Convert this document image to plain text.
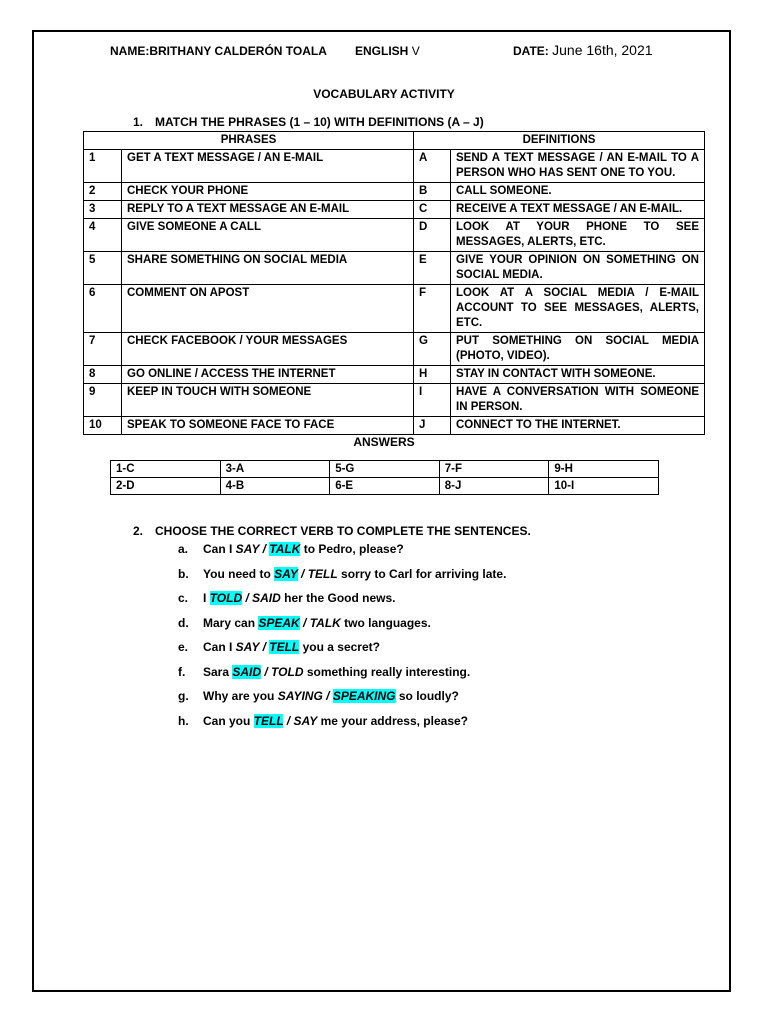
NAME:BRITHANY CALDERÓN TOALA ENGLISH V	DATE: June 16th, 2021
VOCABULARY ACTIVITY
1. MATCH THE PHRASES (1 – 10) WITH DEFINITIONS (A – J)
PHRASES		DEFINITIONS	
1	GET A TEXT MESSAGE / AN E-MAIL	A	SEND A TEXT MESSAGE / AN E-MAIL TO A PERSON WHO HAS SENT ONE TO YOU.
2	CHECK YOUR PHONE	B	CALL SOMEONE.
3	REPLY TO A TEXT MESSAGE AN E-MAIL	C	RECEIVE A TEXT MESSAGE / AN E-MAIL.
4	GIVE SOMEONE A CALL	D	LOOK AT YOUR PHONE TO SEE MESSAGES, ALERTS, ETC.
5	SHARE SOMETHING ON SOCIAL MEDIA	E	GIVE YOUR OPINION ON SOMETHING ON SOCIAL MEDIA.
6	COMMENT ON APOST	F	LOOK AT A SOCIAL MEDIA / E-MAIL ACCOUNT TO SEE MESSAGES, ALERTS, ETC.
7	CHECK FACEBOOK / YOUR MESSAGES	G	PUT SOMETHING ON SOCIAL MEDIA (PHOTO, VIDEO).
8	GO ONLINE / ACCESS THE INTERNET	H	STAY IN CONTACT WITH SOMEONE.
9	KEEP IN TOUCH WITH SOMEONE	I	HAVE A CONVERSATION WITH SOMEONE IN PERSON.
10	SPEAK TO SOMEONE FACE TO FACE	J	CONNECT TO THE INTERNET.
ANSWERS
1-C	3-A	5-G	7-F	9-H
2-D	4-B	6-E	8-J	10-I
2. CHOOSE THE CORRECT VERB TO COMPLETE THE SENTENCES.
a.	Can I SAY / TALK to Pedro, please?
b.	You need to SAY / TELL sorry to Carl for arriving late.
c.	I TOLD / SAID her the Good news.
d.	Mary can SPEAK / TALK two languages.
e.	Can I SAY / TELL you a secret?
f.	Sara SAID / TOLD something really interesting.
g.	Why are you SAYING / SPEAKING so loudly?
h.	Can you TELL / SAY me your address, please?
